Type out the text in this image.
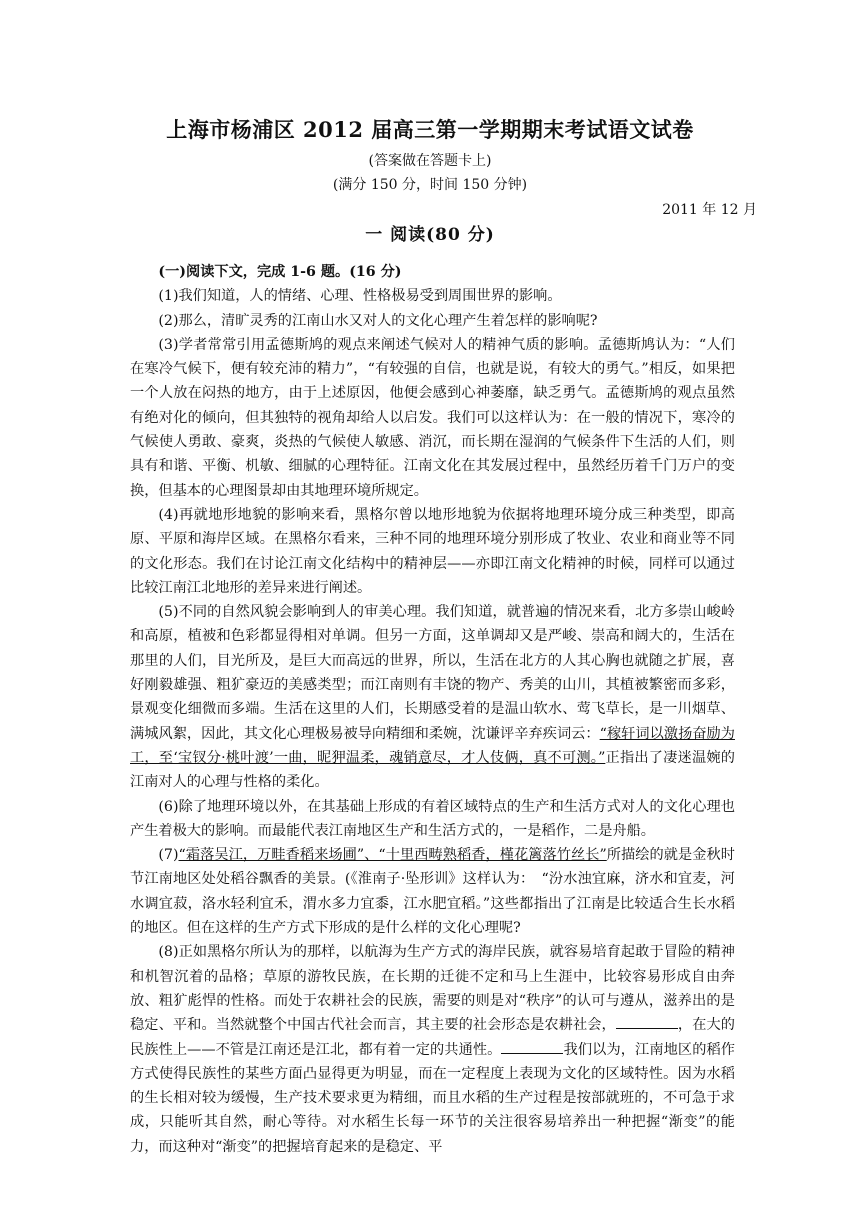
上海市杨浦区 2012 届高三第一学期期末考试语文试卷
(答案做在答题卡上)
(满分 150 分，时间 150 分钟)
2011 年 12 月
一 阅读(80 分)

(一)阅读下文，完成 1-6 题。(16 分)

(1)我们知道，人的情绪、心理、性格极易受到周围世界的影响。

(2)那么，清旷灵秀的江南山水又对人的文化心理产生着怎样的影响呢?

(3)学者常常引用孟德斯鸠的观点来阐述气候对人的精神气质的影响。孟德斯鸠认为：“人们在寒冷气候下，便有较充沛的精力”，“有较强的自信，也就是说，有较大的勇气。”相反，如果把一个人放在闷热的地方，由于上述原因，他便会感到心神萎靡，缺乏勇气。孟德斯鸠的观点虽然有绝对化的倾向，但其独特的视角却给人以启发。我们可以这样认为：在一般的情况下，寒冷的气候使人勇敢、豪爽，炎热的气候使人敏感、消沉，而长期在湿润的气候条件下生活的人们，则具有和谐、平衡、机敏、细腻的心理特征。江南文化在其发展过程中，虽然经历着千门万户的变换，但基本的心理图景却由其地理环境所规定。

(4)再就地形地貌的影响来看，黑格尔曾以地形地貌为依据将地理环境分成三种类型，即高原、平原和海岸区域。在黑格尔看来，三种不同的地理环境分别形成了牧业、农业和商业等不同的文化形态。我们在讨论江南文化结构中的精神层——亦即江南文化精神的时候，同样可以通过比较江南江北地形的差异来进行阐述。

(5)不同的自然风貌会影响到人的审美心理。我们知道，就普遍的情况来看，北方多崇山峻岭和高原，植被和色彩都显得相对单调。但另一方面，这单调却又是严峻、崇高和阔大的，生活在那里的人们，目光所及，是巨大而高远的世界，所以，生活在北方的人其心胸也就随之扩展，喜好刚毅雄强、粗犷豪迈的美感类型；而江南则有丰饶的物产、秀美的山川，其植被繁密而多彩，景观变化细微而多端。生活在这里的人们，长期感受着的是温山软水、莺飞草长，是一川烟草、满城风絮，因此，其文化心理极易被导向精细和柔婉，沈谦评辛弃疾词云：“稼轩词以激扬奋励为工，至‘宝钗分·桃叶渡’一曲，昵狎温柔，魂销意尽，才人伎俩，真不可测。”正指出了凄迷温婉的江南对人的心理与性格的柔化。

(6)除了地理环境以外，在其基础上形成的有着区域特点的生产和生活方式对人的文化心理也产生着极大的影响。而最能代表江南地区生产和生活方式的，一是稻作，二是舟船。

(7)“霜落吴江，万畦香稻来场圃”、“十里西畴熟稻香，槿花篱落竹丝长”所描绘的就是金秋时节江南地区处处稻谷飘香的美景。(《淮南子·坠形训》这样认为：　“汾水浊宜麻，济水和宜麦，河水调宜菽，洛水轻利宜禾，渭水多力宜黍，江水肥宜稻。”这些都指出了江南是比较适合生长水稻的地区。但在这样的生产方式下形成的是什么样的文化心理呢?

(8)正如黑格尔所认为的那样，以航海为生产方式的海岸民族，就容易培育起敢于冒险的精神和机智沉着的品格；草原的游牧民族，在长期的迁徙不定和马上生涯中，比较容易形成自由奔放、粗犷彪悍的性格。而处于农耕社会的民族，需要的则是对“秩序”的认可与遵从，滋养出的是稳定、平和。当然就整个中国古代社会而言，其主要的社会形态是农耕社会，	，在大的民族性上——不管是江南还是江北，都有着一定的共通性。	我们以为，江南地区的稻作方式使得民族性的某些方面凸显得更为明显，而在一定程度上表现为文化的区域特性。因为水稻的生长相对较为缓慢，生产技术要求更为精细，而且水稻的生产过程是按部就班的，不可急于求成，只能听其自然，耐心等待。对水稻生长每一环节的关注很容易培养出一种把握“渐变”的能力，而这种对“渐变”的把握培育起来的是稳定、平
